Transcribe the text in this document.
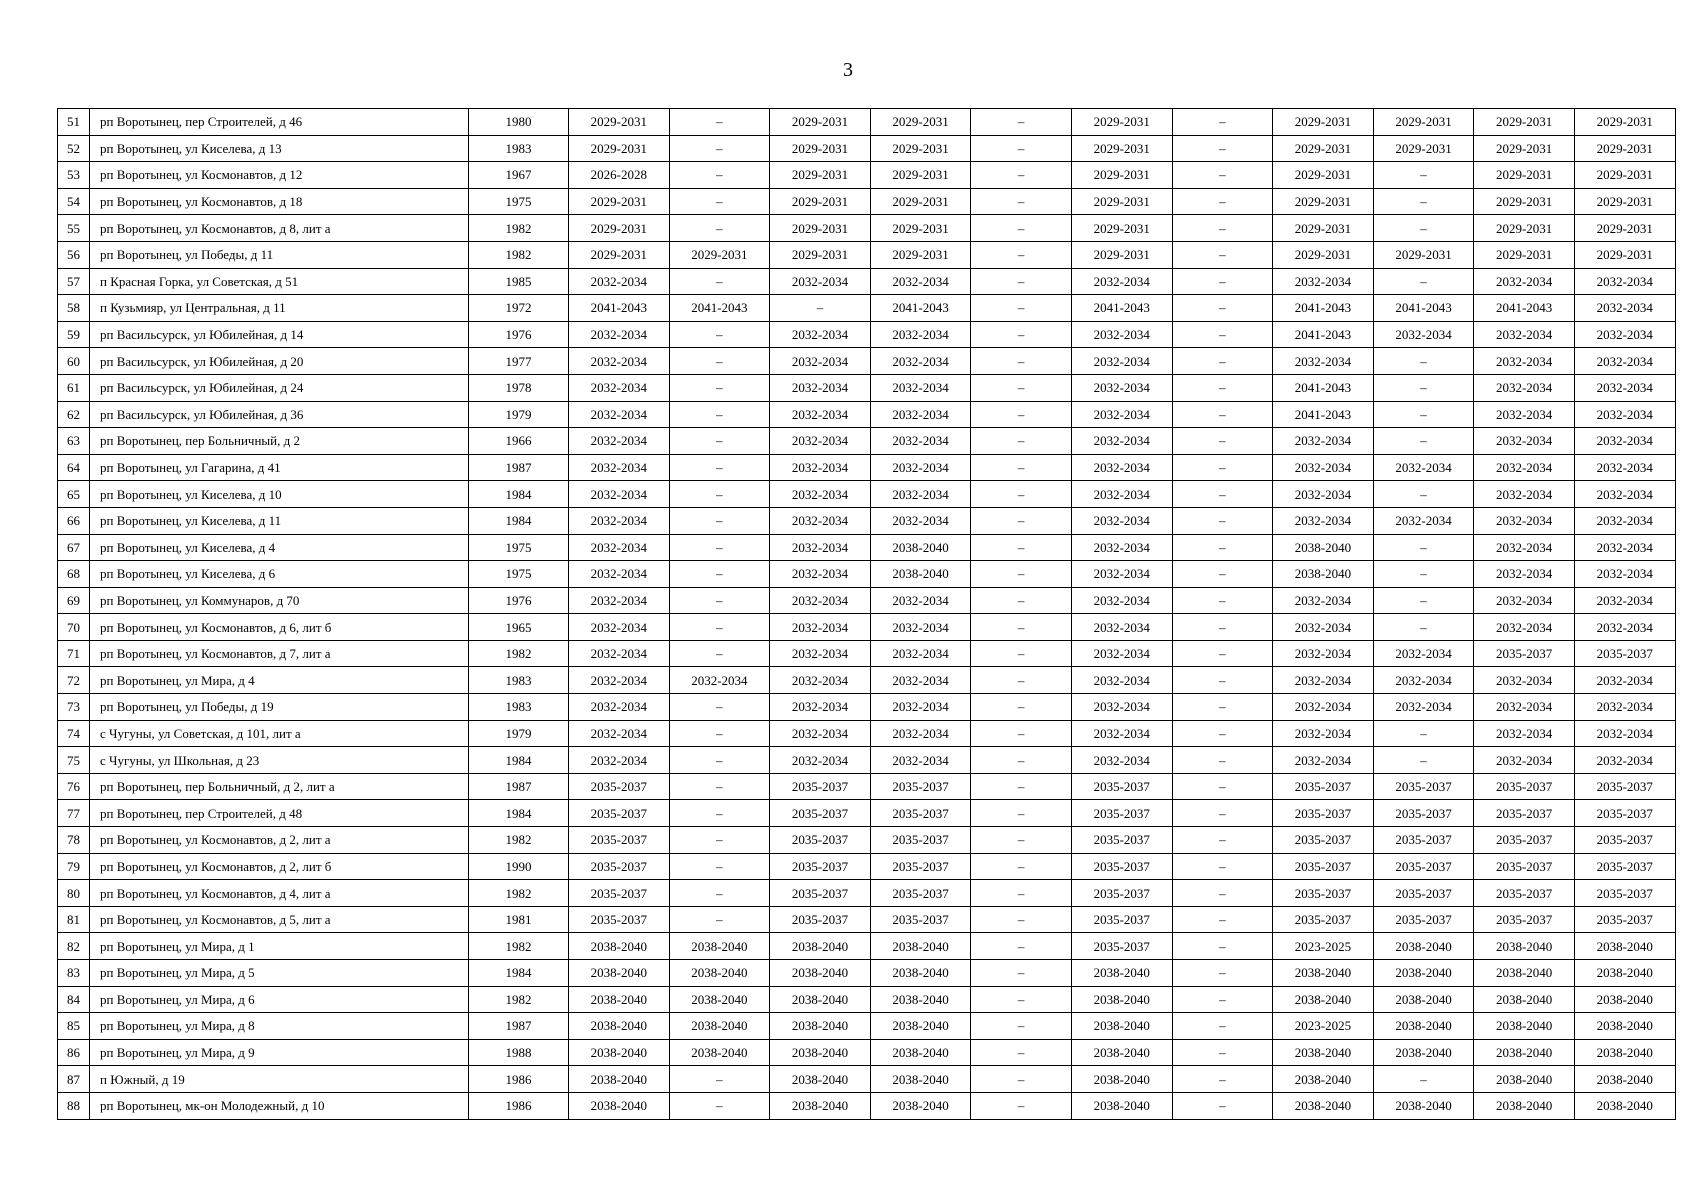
3
51	рп Воротынец, пер Строителей, д 46	1980	2029-2031	–	2029-2031	2029-2031	–	2029-2031	–	2029-2031	2029-2031	2029-2031	2029-2031
52	рп Воротынец, ул Киселева, д 13	1983	2029-2031	–	2029-2031	2029-2031	–	2029-2031	–	2029-2031	2029-2031	2029-2031	2029-2031
53	рп Воротынец, ул Космонавтов, д 12	1967	2026-2028	–	2029-2031	2029-2031	–	2029-2031	–	2029-2031	–	2029-2031	2029-2031
54	рп Воротынец, ул Космонавтов, д 18	1975	2029-2031	–	2029-2031	2029-2031	–	2029-2031	–	2029-2031	–	2029-2031	2029-2031
55	рп Воротынец, ул Космонавтов, д 8, лит а	1982	2029-2031	–	2029-2031	2029-2031	–	2029-2031	–	2029-2031	–	2029-2031	2029-2031
56	рп Воротынец, ул Победы, д 11	1982	2029-2031	2029-2031	2029-2031	2029-2031	–	2029-2031	–	2029-2031	2029-2031	2029-2031	2029-2031
57	п Красная Горка, ул Советская, д 51	1985	2032-2034	–	2032-2034	2032-2034	–	2032-2034	–	2032-2034	–	2032-2034	2032-2034
58	п Кузьмияр, ул Центральная, д 11	1972	2041-2043	2041-2043	–	2041-2043	–	2041-2043	–	2041-2043	2041-2043	2041-2043	2032-2034
59	рп Васильсурск, ул Юбилейная, д 14	1976	2032-2034	–	2032-2034	2032-2034	–	2032-2034	–	2041-2043	2032-2034	2032-2034	2032-2034
60	рп Васильсурск, ул Юбилейная, д 20	1977	2032-2034	–	2032-2034	2032-2034	–	2032-2034	–	2032-2034	–	2032-2034	2032-2034
61	рп Васильсурск, ул Юбилейная, д 24	1978	2032-2034	–	2032-2034	2032-2034	–	2032-2034	–	2041-2043	–	2032-2034	2032-2034
62	рп Васильсурск, ул Юбилейная, д 36	1979	2032-2034	–	2032-2034	2032-2034	–	2032-2034	–	2041-2043	–	2032-2034	2032-2034
63	рп Воротынец, пер Больничный, д 2	1966	2032-2034	–	2032-2034	2032-2034	–	2032-2034	–	2032-2034	–	2032-2034	2032-2034
64	рп Воротынец, ул Гагарина, д 41	1987	2032-2034	–	2032-2034	2032-2034	–	2032-2034	–	2032-2034	2032-2034	2032-2034	2032-2034
65	рп Воротынец, ул Киселева, д 10	1984	2032-2034	–	2032-2034	2032-2034	–	2032-2034	–	2032-2034	–	2032-2034	2032-2034
66	рп Воротынец, ул Киселева, д 11	1984	2032-2034	–	2032-2034	2032-2034	–	2032-2034	–	2032-2034	2032-2034	2032-2034	2032-2034
67	рп Воротынец, ул Киселева, д 4	1975	2032-2034	–	2032-2034	2038-2040	–	2032-2034	–	2038-2040	–	2032-2034	2032-2034
68	рп Воротынец, ул Киселева, д 6	1975	2032-2034	–	2032-2034	2038-2040	–	2032-2034	–	2038-2040	–	2032-2034	2032-2034
69	рп Воротынец, ул Коммунаров, д 70	1976	2032-2034	–	2032-2034	2032-2034	–	2032-2034	–	2032-2034	–	2032-2034	2032-2034
70	рп Воротынец, ул Космонавтов, д 6, лит б	1965	2032-2034	–	2032-2034	2032-2034	–	2032-2034	–	2032-2034	–	2032-2034	2032-2034
71	рп Воротынец, ул Космонавтов, д 7, лит а	1982	2032-2034	–	2032-2034	2032-2034	–	2032-2034	–	2032-2034	2032-2034	2035-2037	2035-2037
72	рп Воротынец, ул Мира, д 4	1983	2032-2034	2032-2034	2032-2034	2032-2034	–	2032-2034	–	2032-2034	2032-2034	2032-2034	2032-2034
73	рп Воротынец, ул Победы, д 19	1983	2032-2034	–	2032-2034	2032-2034	–	2032-2034	–	2032-2034	2032-2034	2032-2034	2032-2034
74	с Чугуны, ул Советская, д 101, лит а	1979	2032-2034	–	2032-2034	2032-2034	–	2032-2034	–	2032-2034	–	2032-2034	2032-2034
75	с Чугуны, ул Школьная, д 23	1984	2032-2034	–	2032-2034	2032-2034	–	2032-2034	–	2032-2034	–	2032-2034	2032-2034
76	рп Воротынец, пер Больничный, д 2, лит а	1987	2035-2037	–	2035-2037	2035-2037	–	2035-2037	–	2035-2037	2035-2037	2035-2037	2035-2037
77	рп Воротынец, пер Строителей, д 48	1984	2035-2037	–	2035-2037	2035-2037	–	2035-2037	–	2035-2037	2035-2037	2035-2037	2035-2037
78	рп Воротынец, ул Космонавтов, д 2, лит а	1982	2035-2037	–	2035-2037	2035-2037	–	2035-2037	–	2035-2037	2035-2037	2035-2037	2035-2037
79	рп Воротынец, ул Космонавтов, д 2, лит б	1990	2035-2037	–	2035-2037	2035-2037	–	2035-2037	–	2035-2037	2035-2037	2035-2037	2035-2037
80	рп Воротынец, ул Космонавтов, д 4, лит а	1982	2035-2037	–	2035-2037	2035-2037	–	2035-2037	–	2035-2037	2035-2037	2035-2037	2035-2037
81	рп Воротынец, ул Космонавтов, д 5, лит а	1981	2035-2037	–	2035-2037	2035-2037	–	2035-2037	–	2035-2037	2035-2037	2035-2037	2035-2037
82	рп Воротынец, ул Мира, д 1	1982	2038-2040	2038-2040	2038-2040	2038-2040	–	2035-2037	–	2023-2025	2038-2040	2038-2040	2038-2040
83	рп Воротынец, ул Мира, д 5	1984	2038-2040	2038-2040	2038-2040	2038-2040	–	2038-2040	–	2038-2040	2038-2040	2038-2040	2038-2040
84	рп Воротынец, ул Мира, д 6	1982	2038-2040	2038-2040	2038-2040	2038-2040	–	2038-2040	–	2038-2040	2038-2040	2038-2040	2038-2040
85	рп Воротынец, ул Мира, д 8	1987	2038-2040	2038-2040	2038-2040	2038-2040	–	2038-2040	–	2023-2025	2038-2040	2038-2040	2038-2040
86	рп Воротынец, ул Мира, д 9	1988	2038-2040	2038-2040	2038-2040	2038-2040	–	2038-2040	–	2038-2040	2038-2040	2038-2040	2038-2040
87	п Южный, д 19	1986	2038-2040	–	2038-2040	2038-2040	–	2038-2040	–	2038-2040	–	2038-2040	2038-2040
88	рп Воротынец, мк-он Молодежный, д 10	1986	2038-2040	–	2038-2040	2038-2040	–	2038-2040	–	2038-2040	2038-2040	2038-2040	2038-2040
